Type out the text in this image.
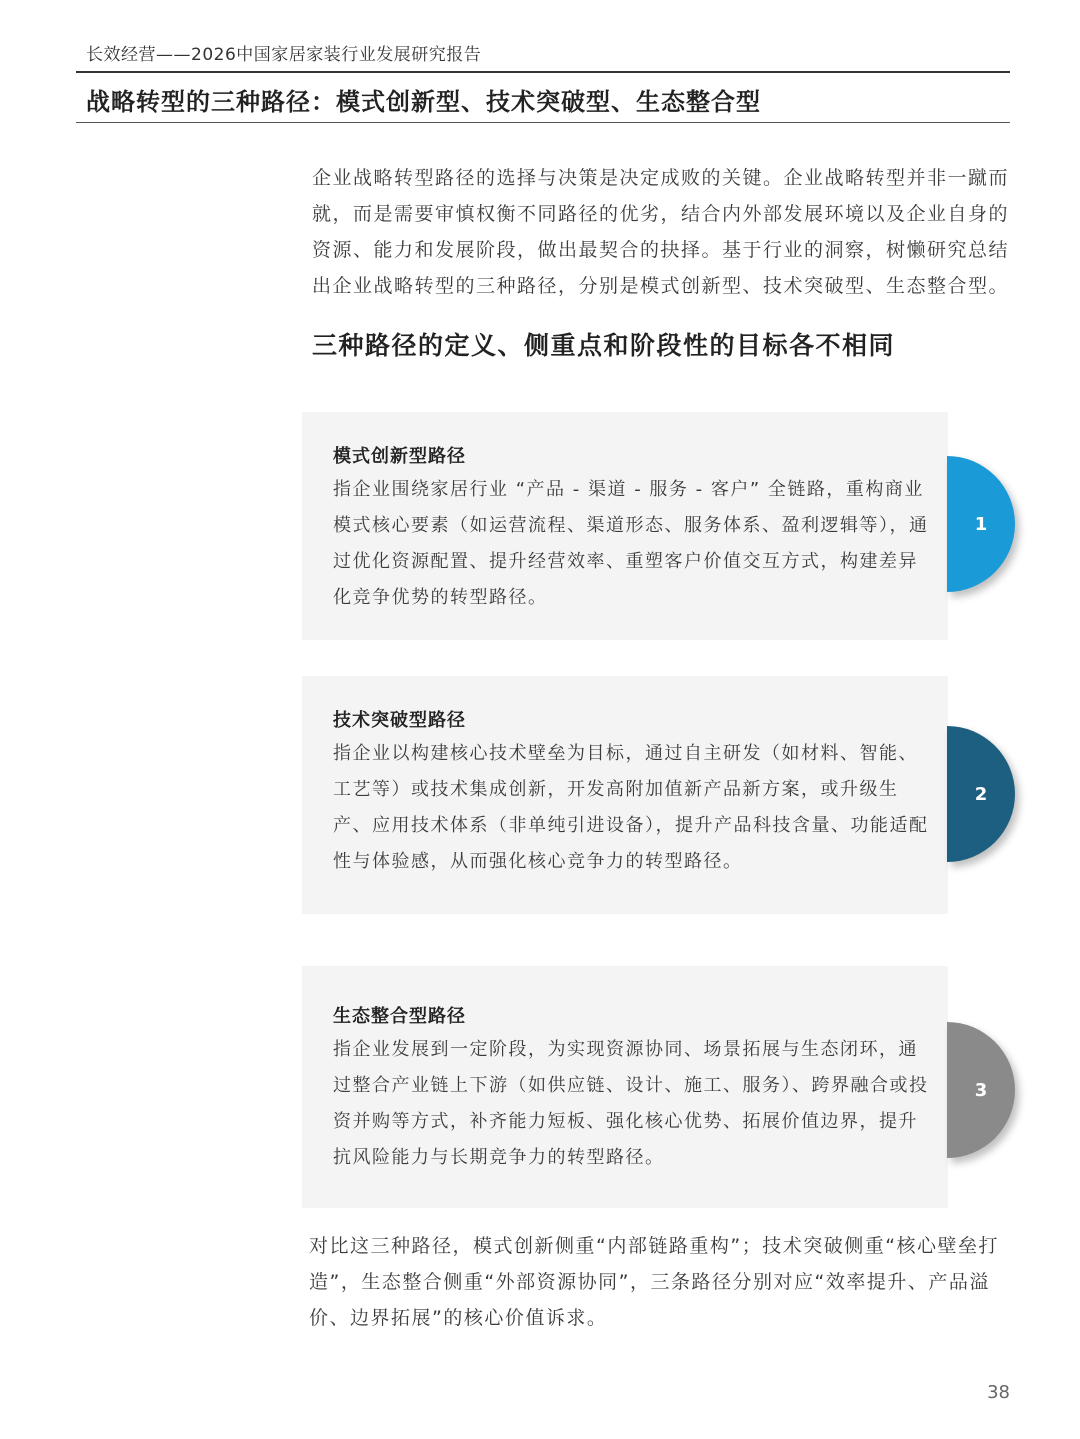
长效经营——2026中国家居家装行业发展研究报告
战略转型的三种路径：模式创新型、技术突破型、生态整合型
企业战略转型路径的选择与决策是决定成败的关键。企业战略转型并非一蹴而就，而是需要审慎权衡不同路径的优劣，结合内外部发展环境以及企业自身的资源、能力和发展阶段，做出最契合的抉择。基于行业的洞察，树懒研究总结出企业战略转型的三种路径，分别是模式创新型、技术突破型、生态整合型。
三种路径的定义、侧重点和阶段性的目标各不相同
模式创新型路径
指企业围绕家居行业 “产品 - 渠道 - 服务 - 客户” 全链路，重构商业模式核心要素（如运营流程、渠道形态、服务体系、盈利逻辑等），通过优化资源配置、提升经营效率、重塑客户价值交互方式，构建差异化竞争优势的转型路径。
1
技术突破型路径
指企业以构建核心技术壁垒为目标，通过自主研发（如材料、智能、工艺等）或技术集成创新，开发高附加值新产品新方案，或升级生产、应用技术体系（非单纯引进设备），提升产品科技含量、功能适配性与体验感，从而强化核心竞争力的转型路径。
2
生态整合型路径
指企业发展到一定阶段，为实现资源协同、场景拓展与生态闭环，通过整合产业链上下游（如供应链、设计、施工、服务）、跨界融合或投资并购等方式，补齐能力短板、强化核心优势、拓展价值边界，提升抗风险能力与长期竞争力的转型路径。
3
对比这三种路径，模式创新侧重“内部链路重构”；技术突破侧重“核心壁垒打造”，生态整合侧重“外部资源协同”，三条路径分别对应“效率提升、产品溢价、边界拓展”的核心价值诉求。
38
